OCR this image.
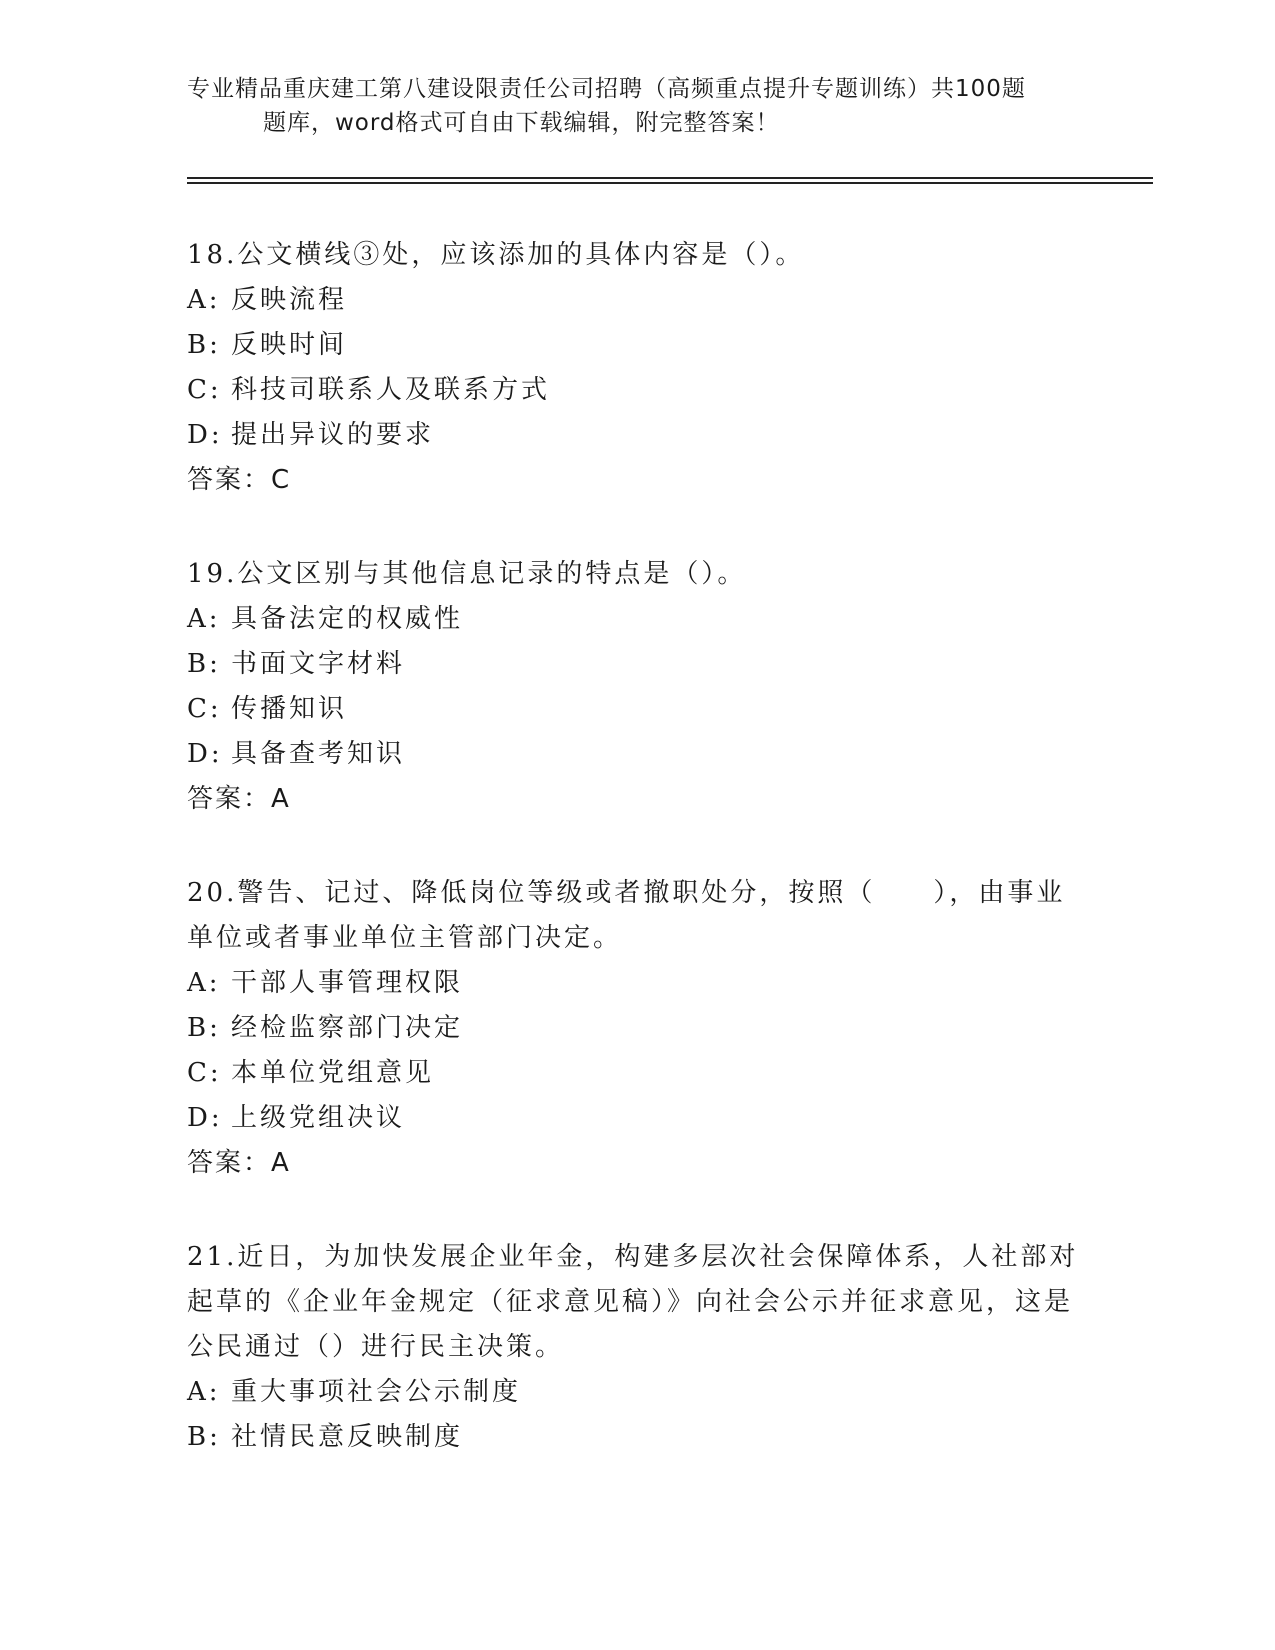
专业精品重庆建工第八建设限责任公司招聘（高频重点提升专题训练）共100题
题库，word格式可自由下载编辑，附完整答案！
18.公文横线③处，应该添加的具体内容是（）。
A: 反映流程
B: 反映时间
C: 科技司联系人及联系方式
D: 提出异议的要求
答案：C
19.公文区别与其他信息记录的特点是（）。
A: 具备法定的权威性
B: 书面文字材料
C: 传播知识
D: 具备查考知识
答案：A
20.警告、记过、降低岗位等级或者撤职处分，按照（　　），由事业单位或者事业单位主管部门决定。
A: 干部人事管理权限
B: 经检监察部门决定
C: 本单位党组意见
D: 上级党组决议
答案：A
21.近日，为加快发展企业年金，构建多层次社会保障体系，人社部对起草的《企业年金规定（征求意见稿）》向社会公示并征求意见，这是公民通过（）进行民主决策。
A: 重大事项社会公示制度
B: 社情民意反映制度
